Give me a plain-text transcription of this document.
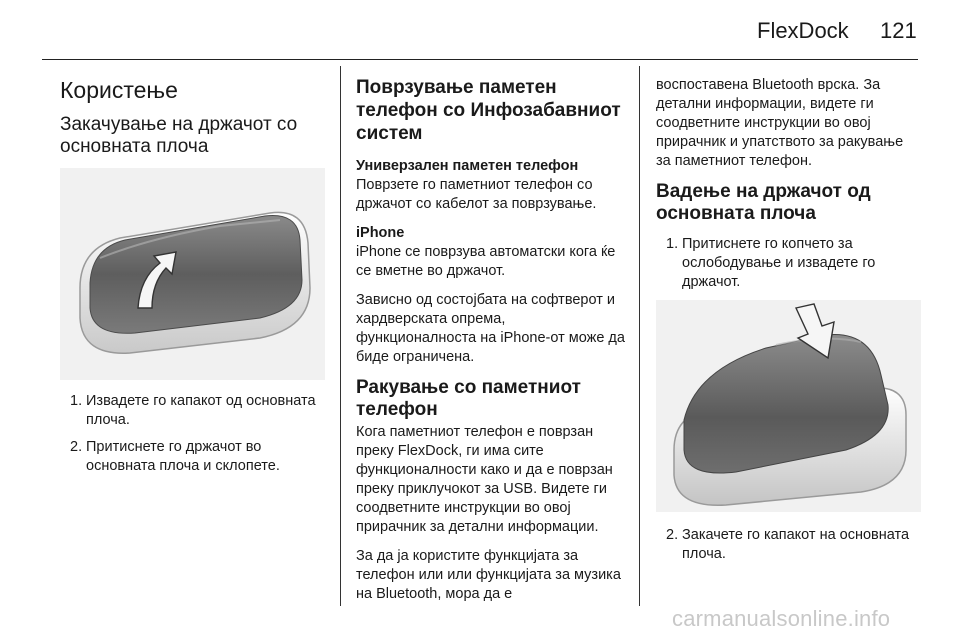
FlexDock 121
Користење
Закачување на држачот со основната плоча
1. Извадете го капакот од основната плоча.
2. Притиснете го држачот во основната плоча и склопете.
Поврзување паметен телефон со Инфозабавниот систем
Универзален паметен телефон

Поврзете го паметниот телефон со држачот со кабелот за поврзување.

iPhone

iPhone се поврзува автоматски кога ќе се вметне во држачот.

Зависно од состојбата на софтверот и хардверската опрема, функционалноста на iPhone-от може да биде ограничена.

Ракување со паметниот телефон

Кога паметниот телефон е поврзан преку FlexDock, ги има сите функционалности како и да е поврзан преку приклучокот за USB. Видете ги соодветните инструкции во овој прирачник за детални информации.

За да ја користите функцијата за телефон или или функцијата за музика на Bluetooth, мора да е

воспоставена Bluetooth врска. За детални информации, видете ги соодветните инструкции во овој прирачник и упатството за ракување за паметниот телефон.

Вадење на држачот од основната плоча
1. Притиснете го копчето за ослободување и извадете го држачот.
2. Закачете го капакот на основната плоча.
carmanualsonline.info
